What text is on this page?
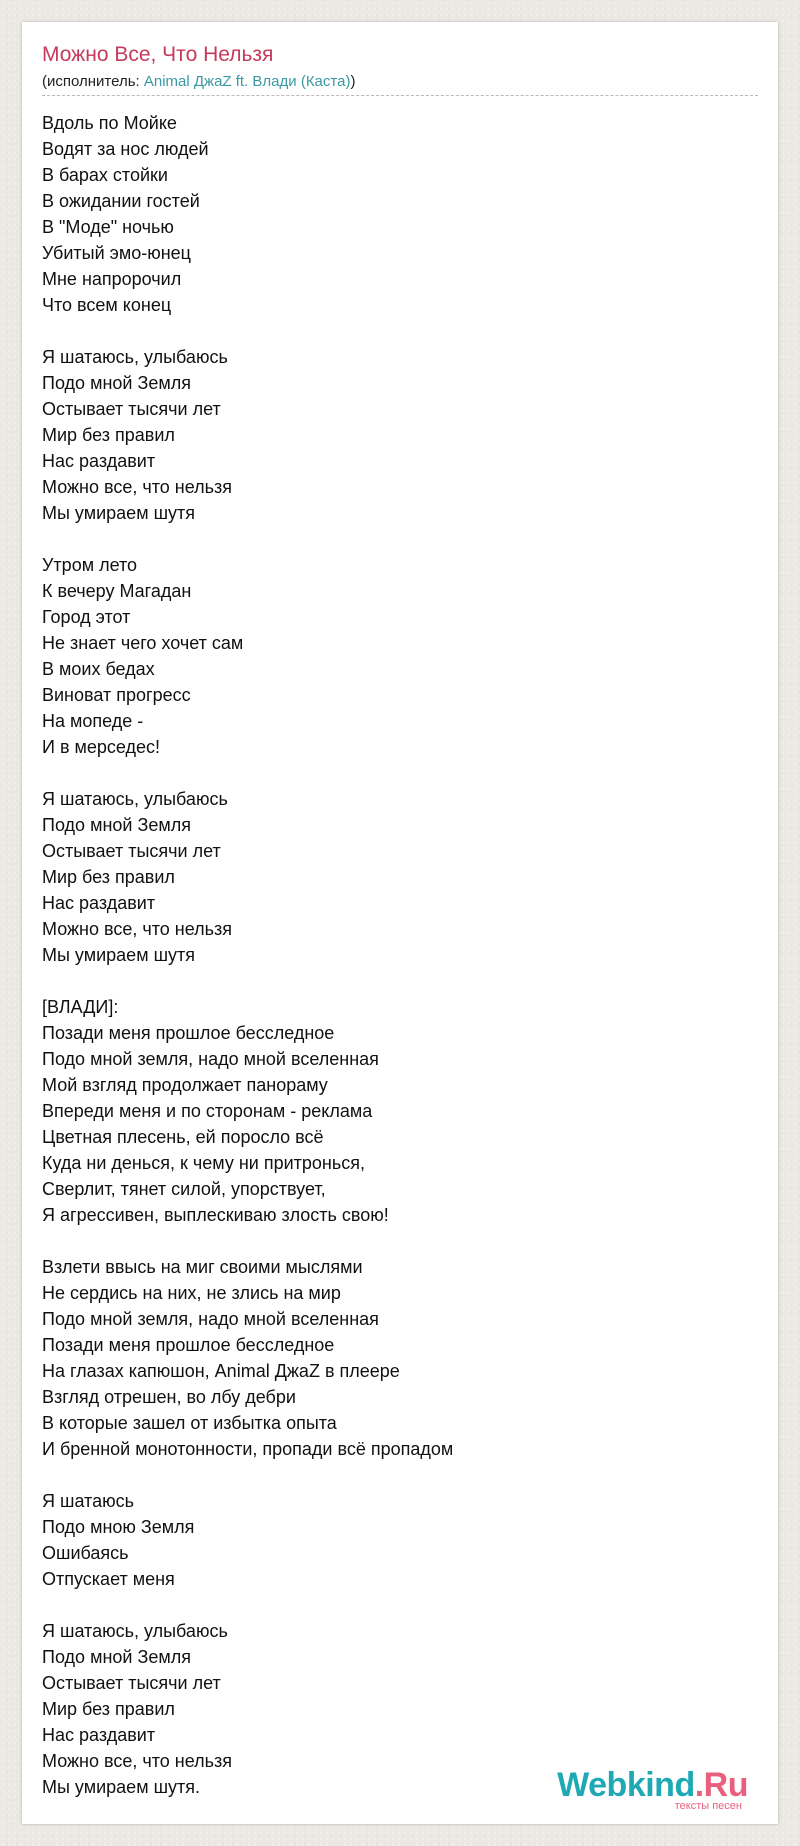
Можно Все, Что Нельзя
(исполнитель: Animal ДжаZ ft. Влади (Каста))
Вдоль по Мойке
Водят за нос людей
В барах стойки
В ожидании гостей
В "Моде" ночью
Убитый эмо-юнец
Мне напророчил
Что всем конец
Я шатаюсь, улыбаюсь
Подо мной Земля
Остывает тысячи лет
Мир без правил
Нас раздавит
Можно все, что нельзя
Мы умираем шутя
Утром лето
К вечеру Магадан
Город этот
Не знает чего хочет сам
В моих бедах
Виноват прогресс
На мопеде -
И в мерседес!
Я шатаюсь, улыбаюсь
Подо мной Земля
Остывает тысячи лет
Мир без правил
Нас раздавит
Можно все, что нельзя
Мы умираем шутя
[ВЛАДИ]:
Позади меня прошлое бесследное
Подо мной земля, надо мной вселенная
Мой взгляд продолжает панораму
Впереди меня и по сторонам - реклама
Цветная плесень, ей поросло всё
Куда ни денься, к чему ни притронься,
Сверлит, тянет силой, упорствует,
Я агрессивен, выплескиваю злость свою!
Взлети ввысь на миг своими мыслями
Не сердись на них, не злись на мир
Подо мной земля, надо мной вселенная
Позади меня прошлое бесследное
На глазах капюшон, Animal ДжаZ в плеере
Взгляд отрешен, во лбу дебри
В которые зашел от избытка опыта
И бренной монотонности, пропади всё пропадом
Я шатаюсь
Подо мною Земля
Ошибаясь
Отпускает меня
Я шатаюсь, улыбаюсь
Подо мной Земля
Остывает тысячи лет
Мир без правил
Нас раздавит
Можно все, что нельзя
Мы умираем шутя.	Webkind.Ru
тексты песен
